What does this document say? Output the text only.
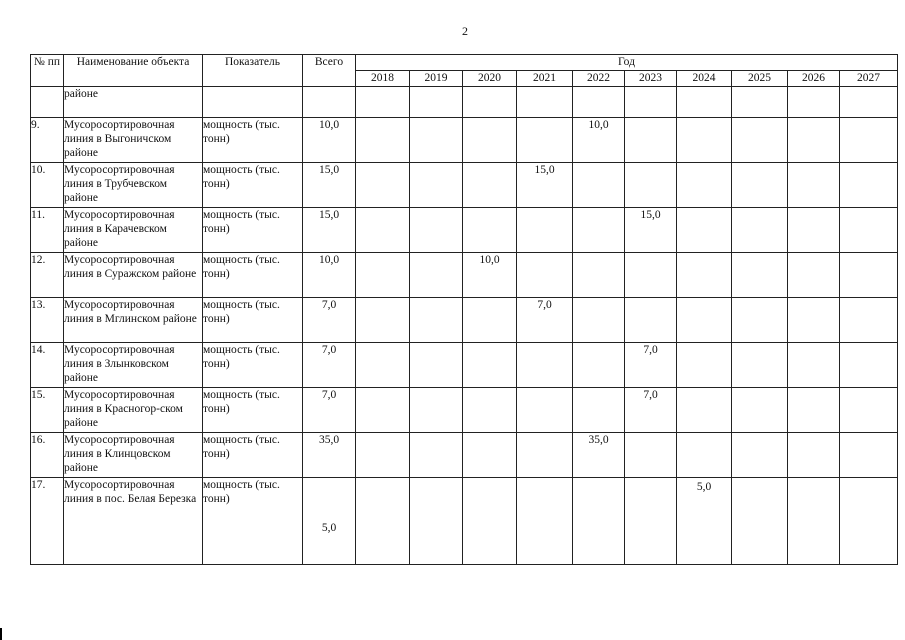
2
№ пп	Наименование объекта	Показатель	Всего	Год									
				2018	2019	2020	2021	2022	2023	2024	2025	2026	2027
	районе												
9.	Мусоросортировочная линия в Выгоничском районе	мощность (тыс. тонн)	10,0					10,0					
10.	Мусоросортировочная линия в Трубчевском районе	мощность (тыс. тонн)	15,0				15,0						
11.	Мусоросортировочная линия в Карачевском районе	мощность (тыс. тонн)	15,0						15,0				
12.	Мусоросортировочная линия в Суражском районе	мощность (тыс. тонн)	10,0			10,0							
13.	Мусоросортировочная линия в Мглинском районе	мощность (тыс. тонн)	7,0				7,0						
14.	Мусоросортировочная линия в Злынковском районе	мощность (тыс. тонн)	7,0						7,0				
15.	Мусоросортировочная линия в Красногор-ском районе	мощность (тыс. тонн)	7,0						7,0				
16.	Мусоросортировочная линия в Клинцовском районе	мощность (тыс. тонн)	35,0					35,0					
17.	Мусоросортировочная линия в пос. Белая Березка	мощность (тыс. тонн)	5,0							5,0			
